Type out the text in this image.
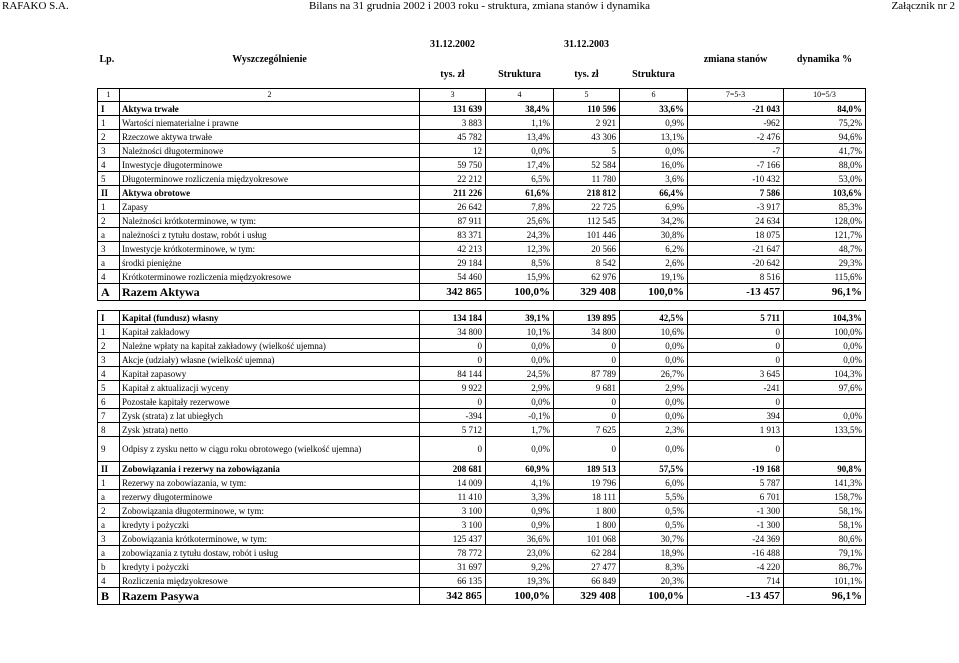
RAFAKO S.A.	Bilans na 31 grudnia 2002 i 2003 roku - struktura, zmiana stanów i dynamika	Załącznik nr 2
		31.12.2002		31.12.2003			
Lp.	Wyszczególnienie					zmiana stanów	dynamika %
		tys. zł	Struktura	tys. zł	Struktura		

1	2	3	4	5	6	7=5-3	10=5/3
I	Aktywa trwałe	131 639	38,4%	110 596	33,6%	-21 043	84,0%
1	Wartości niematerialne i prawne	3 883	1,1%	2 921	0,9%	-962	75,2%
2	Rzeczowe aktywa trwałe	45 782	13,4%	43 306	13,1%	-2 476	94,6%
3	Należności długoterminowe	12	0,0%	5	0,0%	-7	41,7%
4	Inwestycje długoterminowe	59 750	17,4%	52 584	16,0%	-7 166	88,0%
5	Długoterminowe rozliczenia międzyokresowe	22 212	6,5%	11 780	3,6%	-10 432	53,0%
II	Aktywa obrotowe	211 226	61,6%	218 812	66,4%	7 586	103,6%
1	Zapasy	26 642	7,8%	22 725	6,9%	-3 917	85,3%
2	Należności krótkoterminowe, w tym:	87 911	25,6%	112 545	34,2%	24 634	128,0%
a	należności z tytułu dostaw, robót i usług	83 371	24,3%	101 446	30,8%	18 075	121,7%
3	Inwestycje krótkoterminowe, w tym:	42 213	12,3%	20 566	6,2%	-21 647	48,7%
a	środki pieniężne	29 184	8,5%	8 542	2,6%	-20 642	29,3%
4	Krótkoterminowe rozliczenia międzyokresowe	54 460	15,9%	62 976	19,1%	8 516	115,6%
A	Razem Aktywa	342 865	100,0%	329 408	100,0%	-13 457	96,1%

I	Kapitał (fundusz) własny	134 184	39,1%	139 895	42,5%	5 711	104,3%
1	Kapitał zakładowy	34 800	10,1%	34 800	10,6%	0	100,0%
2	Należne wpłaty na kapitał zakładowy (wielkość ujemna)	0	0,0%	0	0,0%	0	0,0%
3	Akcje (udziały) własne (wielkość ujemna)	0	0,0%	0	0,0%	0	0,0%
4	Kapitał zapasowy	84 144	24,5%	87 789	26,7%	3 645	104,3%
5	Kapitał z aktualizacji wyceny	9 922	2,9%	9 681	2,9%	-241	97,6%
6	Pozostałe kapitały rezerwowe	0	0,0%	0	0,0%	0	
7	Zysk (strata) z lat ubiegłych	-394	-0,1%	0	0,0%	394	0,0%
8	Zysk )strata) netto	5 712	1,7%	7 625	2,3%	1 913	133,5%
9	Odpisy z zysku netto w ciągu roku obrotowego (wielkość ujemna)	0	0,0%	0	0,0%	0	
II	Zobowiązania i rezerwy na zobowiązania	208 681	60,9%	189 513	57,5%	-19 168	90,8%
1	Rezerwy na zobowiazania, w tym:	14 009	4,1%	19 796	6,0%	5 787	141,3%
a	rezerwy długoterminowe	11 410	3,3%	18 111	5,5%	6 701	158,7%
2	Zobowiązania długoterminowe, w tym:	3 100	0,9%	1 800	0,5%	-1 300	58,1%
a	kredyty i pożyczki	3 100	0,9%	1 800	0,5%	-1 300	58,1%
3	Zobowiązania krótkoterminowe, w tym:	125 437	36,6%	101 068	30,7%	-24 369	80,6%
a	zobowiązania z tytułu dostaw, robót i usług	78 772	23,0%	62 284	18,9%	-16 488	79,1%
b	kredyty i pożyczki	31 697	9,2%	27 477	8,3%	-4 220	86,7%
4	Rozliczenia międzyokresowe	66 135	19,3%	66 849	20,3%	714	101,1%
B	Razem Pasywa	342 865	100,0%	329 408	100,0%	-13 457	96,1%
